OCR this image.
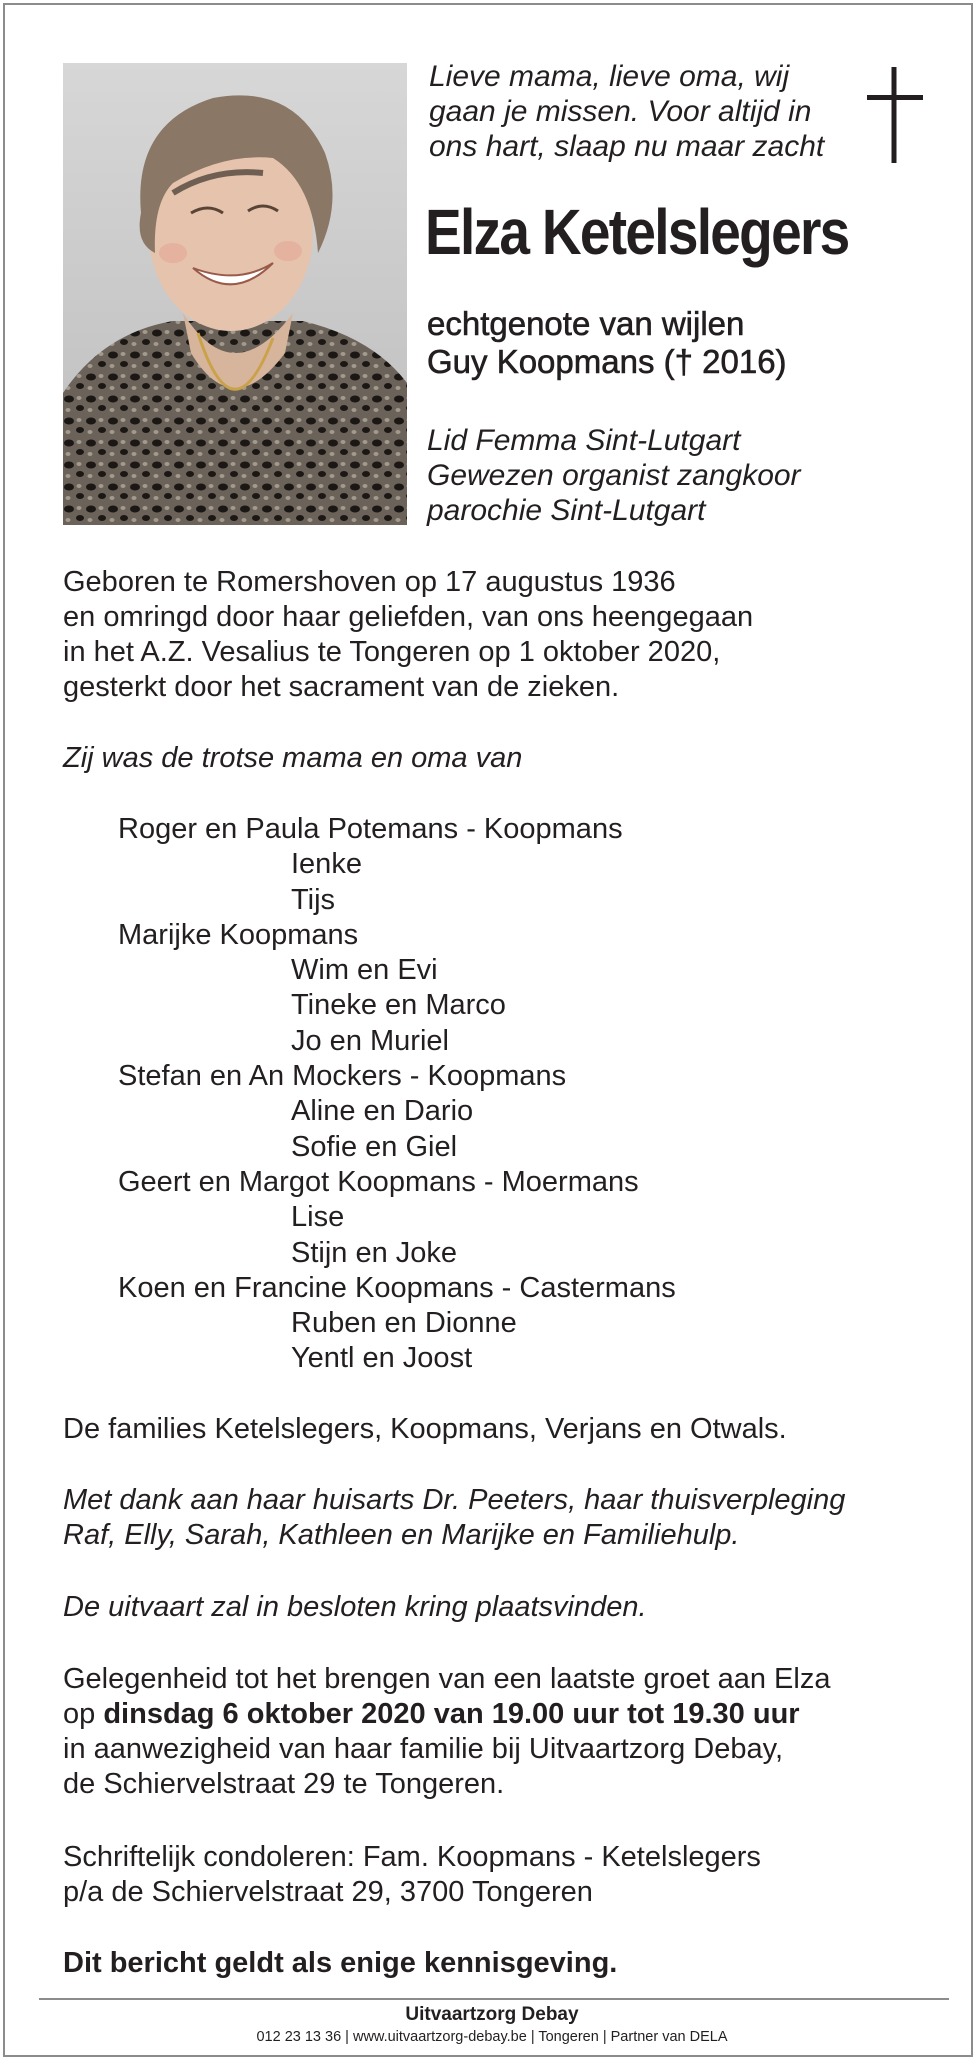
Lieve mama, lieve oma, wij
gaan je missen. Voor altijd in
ons hart, slaap nu maar zacht

Elza Ketelslegers

echtgenote van wijlen
Guy Koopmans († 2016)

Lid Femma Sint-Lutgart
Gewezen organist zangkoor
parochie Sint-Lutgart

Geboren te Romershoven op 17 augustus 1936
en omringd door haar geliefden, van ons heengegaan
in het A.Z. Vesalius te Tongeren op 1 oktober 2020,
gesterkt door het sacrament van de zieken.

Zij was de trotse mama en oma van

Roger en Paula Potemans - Koopmans
Ienke
Tijs
Marijke Koopmans
Wim en Evi
Tineke en Marco
Jo en Muriel
Stefan en An Mockers - Koopmans
Aline en Dario
Sofie en Giel
Geert en Margot Koopmans - Moermans
Lise
Stijn en Joke
Koen en Francine Koopmans - Castermans
Ruben en Dionne
Yentl en Joost

De families Ketelslegers, Koopmans, Verjans en Otwals.

Met dank aan haar huisarts Dr. Peeters, haar thuisverpleging
Raf, Elly, Sarah, Kathleen en Marijke en Familiehulp.

De uitvaart zal in besloten kring plaatsvinden.

Gelegenheid tot het brengen van een laatste groet aan Elza
op dinsdag 6 oktober 2020 van 19.00 uur tot 19.30 uur
in aanwezigheid van haar familie bij Uitvaartzorg Debay,
de Schiervelstraat 29 te Tongeren.

Schriftelijk condoleren: Fam. Koopmans - Ketelslegers
p/a de Schiervelstraat 29, 3700 Tongeren

Dit bericht geldt als enige kennisgeving.

Uitvaartzorg Debay
012 23 13 36 | www.uitvaartzorg-debay.be | Tongeren | Partner van DELA
